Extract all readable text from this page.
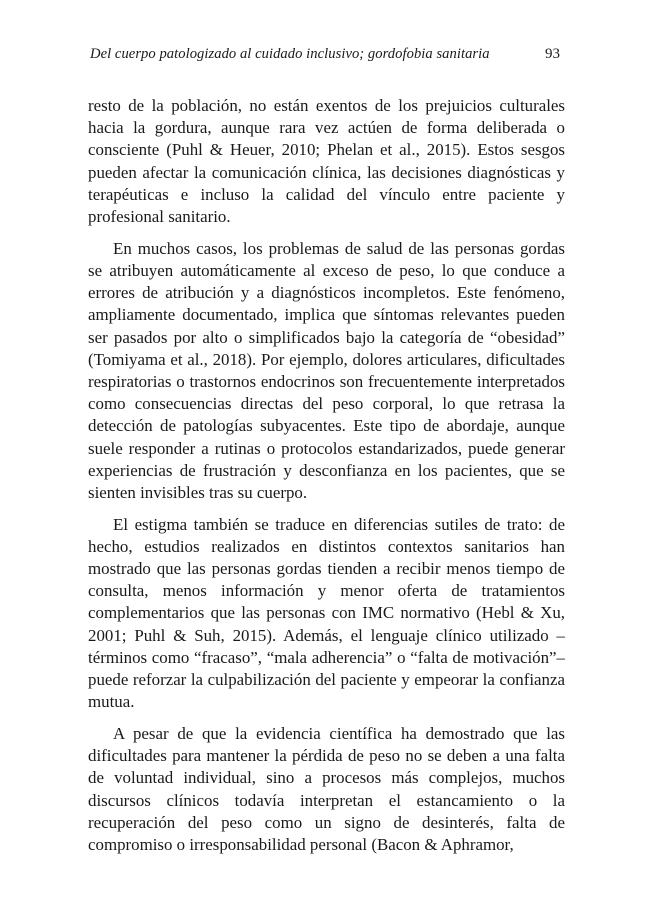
Del cuerpo patologizado al cuidado inclusivo; gordofobia sanitaria	93

resto de la población, no están exentos de los prejuicios culturales hacia la gordura, aunque rara vez actúen de forma deliberada o consciente (Puhl & Heuer, 2010; Phelan et al., 2015). Estos sesgos pueden afectar la comunicación clínica, las decisiones diagnósticas y terapéuticas e incluso la calidad del vínculo entre paciente y profesional sanitario.

En muchos casos, los problemas de salud de las personas gordas se atribuyen automáticamente al exceso de peso, lo que conduce a errores de atribución y a diagnósticos incompletos. Este fenómeno, ampliamente documentado, implica que síntomas relevantes pueden ser pasados por alto o simplificados bajo la categoría de “obesidad” (Tomiyama et al., 2018). Por ejemplo, dolores articulares, dificultades respiratorias o trastornos endocrinos son frecuentemente interpretados como consecuencias directas del peso corporal, lo que retrasa la detección de patologías subyacentes. Este tipo de abordaje, aunque suele responder a rutinas o protocolos estandarizados, puede generar experiencias de frustración y desconfianza en los pacientes, que se sienten invisibles tras su cuerpo.

El estigma también se traduce en diferencias sutiles de trato: de hecho, estudios realizados en distintos contextos sanitarios han mostrado que las personas gordas tienden a recibir menos tiempo de consulta, menos información y menor oferta de tratamientos complementarios que las personas con IMC normativo (Hebl & Xu, 2001; Puhl & Suh, 2015). Además, el lenguaje clínico utilizado –términos como “fracaso”, “mala adherencia” o “falta de motivación”– puede reforzar la culpabilización del paciente y empeorar la confianza mutua.

A pesar de que la evidencia científica ha demostrado que las dificultades para mantener la pérdida de peso no se deben a una falta de voluntad individual, sino a procesos más complejos, muchos discursos clínicos todavía interpretan el estancamiento o la recuperación del peso como un signo de desinterés, falta de compromiso o irresponsabilidad personal (Bacon & Aphramor,
